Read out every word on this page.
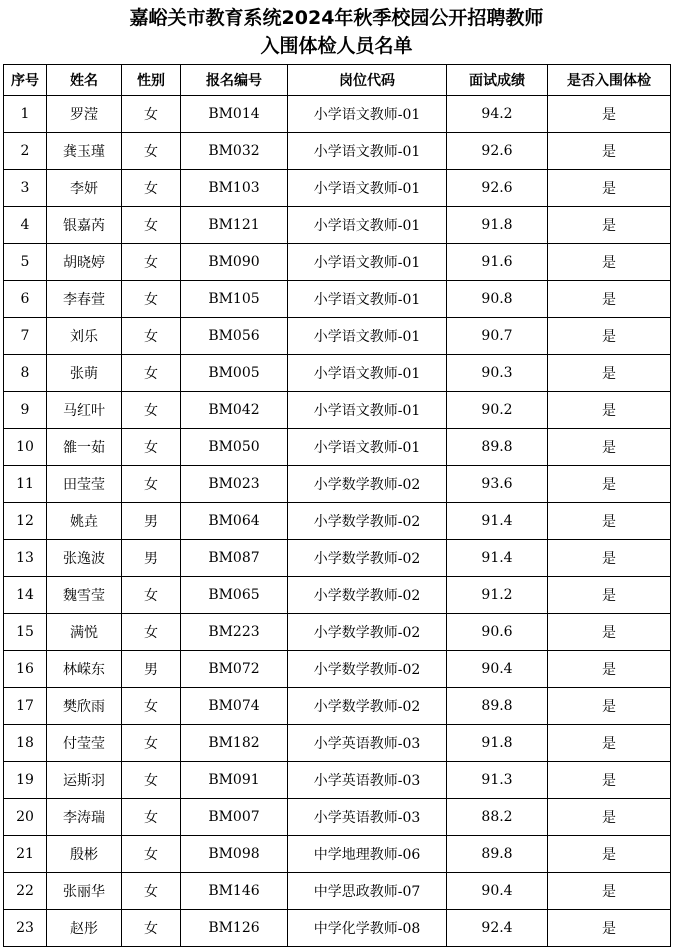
嘉峪关市教育系统2024年秋季校园公开招聘教师
入围体检人员名单
序号	姓名	性别	报名编号	岗位代码	面试成绩	是否入围体检
1	罗滢	女	BM014	小学语文教师-01	94.2	是
2	龚玉瑾	女	BM032	小学语文教师-01	92.6	是
3	李妍	女	BM103	小学语文教师-01	92.6	是
4	银嘉芮	女	BM121	小学语文教师-01	91.8	是
5	胡晓婷	女	BM090	小学语文教师-01	91.6	是
6	李春萱	女	BM105	小学语文教师-01	90.8	是
7	刘乐	女	BM056	小学语文教师-01	90.7	是
8	张萌	女	BM005	小学语文教师-01	90.3	是
9	马红叶	女	BM042	小学语文教师-01	90.2	是
10	雒一茹	女	BM050	小学语文教师-01	89.8	是
11	田莹莹	女	BM023	小学数学教师-02	93.6	是
12	姚垚	男	BM064	小学数学教师-02	91.4	是
13	张逸波	男	BM087	小学数学教师-02	91.4	是
14	魏雪莹	女	BM065	小学数学教师-02	91.2	是
15	满悦	女	BM223	小学数学教师-02	90.6	是
16	林嵘东	男	BM072	小学数学教师-02	90.4	是
17	樊欣雨	女	BM074	小学数学教师-02	89.8	是
18	付莹莹	女	BM182	小学英语教师-03	91.8	是
19	运斯羽	女	BM091	小学英语教师-03	91.3	是
20	李涛瑞	女	BM007	小学英语教师-03	88.2	是
21	殷彬	女	BM098	中学地理教师-06	89.8	是
22	张丽华	女	BM146	中学思政教师-07	90.4	是
23	赵彤	女	BM126	中学化学教师-08	92.4	是
